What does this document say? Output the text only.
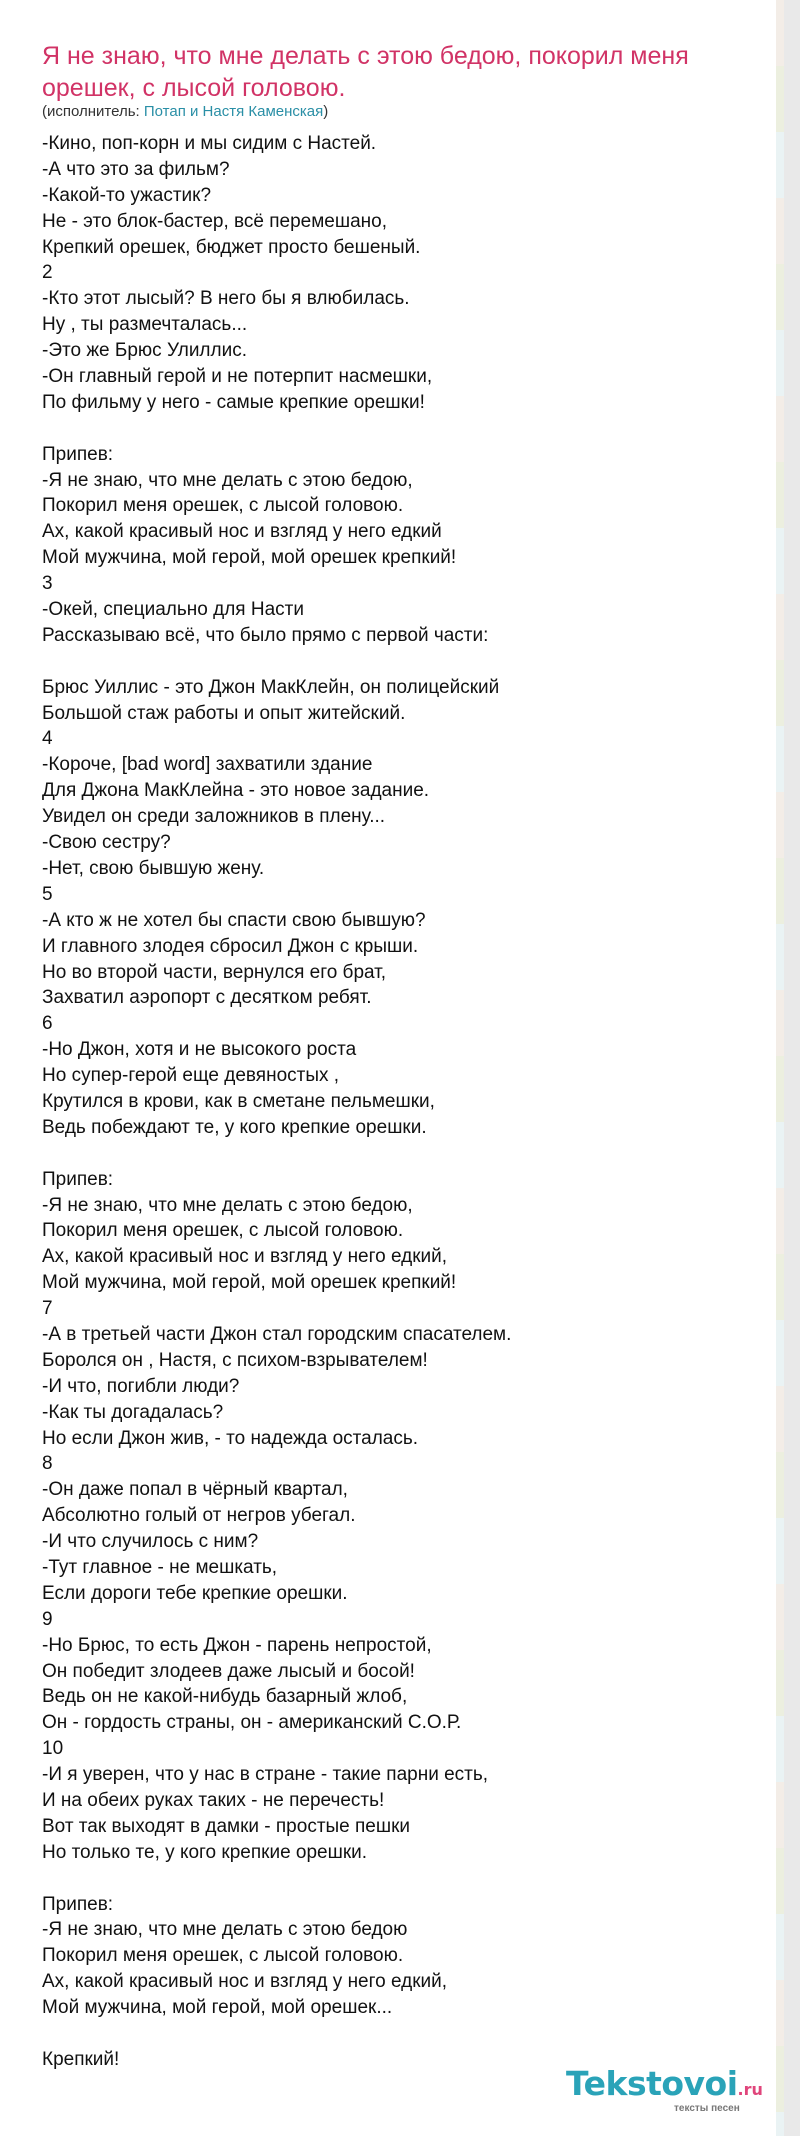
Я не знаю, что мне делать с этою бедою, покорил меня орешек, с лысой головою.
(исполнитель: Потап и Настя Каменская)
-Кино, поп-корн и мы сидим с Настей.
-А что это за фильм?
-Какой-то ужастик?
Не - это блок-бастер, всё перемешано,
Крепкий орешек, бюджет просто бешеный.
2
-Кто этот лысый? В него бы я влюбилась.
Ну , ты размечталась...
-Это же Брюс Улиллис.
-Он главный герой и не потерпит насмешки,
По фильму у него - самые крепкие орешки!
Припев:
-Я не знаю, что мне делать с этою бедою,
Покорил меня орешек, с лысой головою.
Ах, какой красивый нос и взгляд у него едкий
Мой мужчина, мой герой, мой орешек крепкий!
3
-Окей, специально для Насти
Рассказываю всё, что было прямо с первой части:
Брюс Уиллис - это Джон МакКлейн, он полицейский
Большой стаж работы и опыт житейский.
4
-Короче, [bad word] захватили здание
Для Джона МакКлейна - это новое задание.
Увидел он среди заложников в плену...
-Свою сестру?
-Нет, свою бывшую жену.
5
-А кто ж не хотел бы спасти свою бывшую?
И главного злодея сбросил Джон с крыши.
Но во второй части, вернулся его брат,
Захватил аэропорт с десятком ребят.
6
-Но Джон, хотя и не высокого роста
Но супер-герой еще девяностых ,
Крутился в крови, как в сметане пельмешки,
Ведь побеждают те, у кого крепкие орешки.
Припев:
-Я не знаю, что мне делать с этою бедою,
Покорил меня орешек, с лысой головою.
Ах, какой красивый нос и взгляд у него едкий,
Мой мужчина, мой герой, мой орешек крепкий!
7
-А в третьей части Джон стал городским спасателем.
Боролся он , Настя, с психом-взрывателем!
-И что, погибли люди?
-Как ты догадалась?
Но если Джон жив, - то надежда осталась.
8
-Он даже попал в чёрный квартал,
Абсолютно голый от негров убегал.
-И что случилось с ним?
-Тут главное - не мешкать,
Если дороги тебе крепкие орешки.
9
-Но Брюс, то есть Джон - парень непростой,
Он победит злодеев даже лысый и босой!
Ведь он не какой-нибудь базарный жлоб,
Он - гордость страны, он - американский С.О.Р.
10
-И я уверен, что у нас в стране - такие парни есть,
И на обеих руках таких - не перечесть!
Вот так выходят в дамки - простые пешки
Но только те, у кого крепкие орешки.
Припев:
-Я не знаю, что мне делать с этою бедою
Покорил меня орешек, с лысой головою.
Ах, какой красивый нос и взгляд у него едкий,
Мой мужчина, мой герой, мой орешек...
Крепкий!
Tekstovoi.ru
тексты песен
